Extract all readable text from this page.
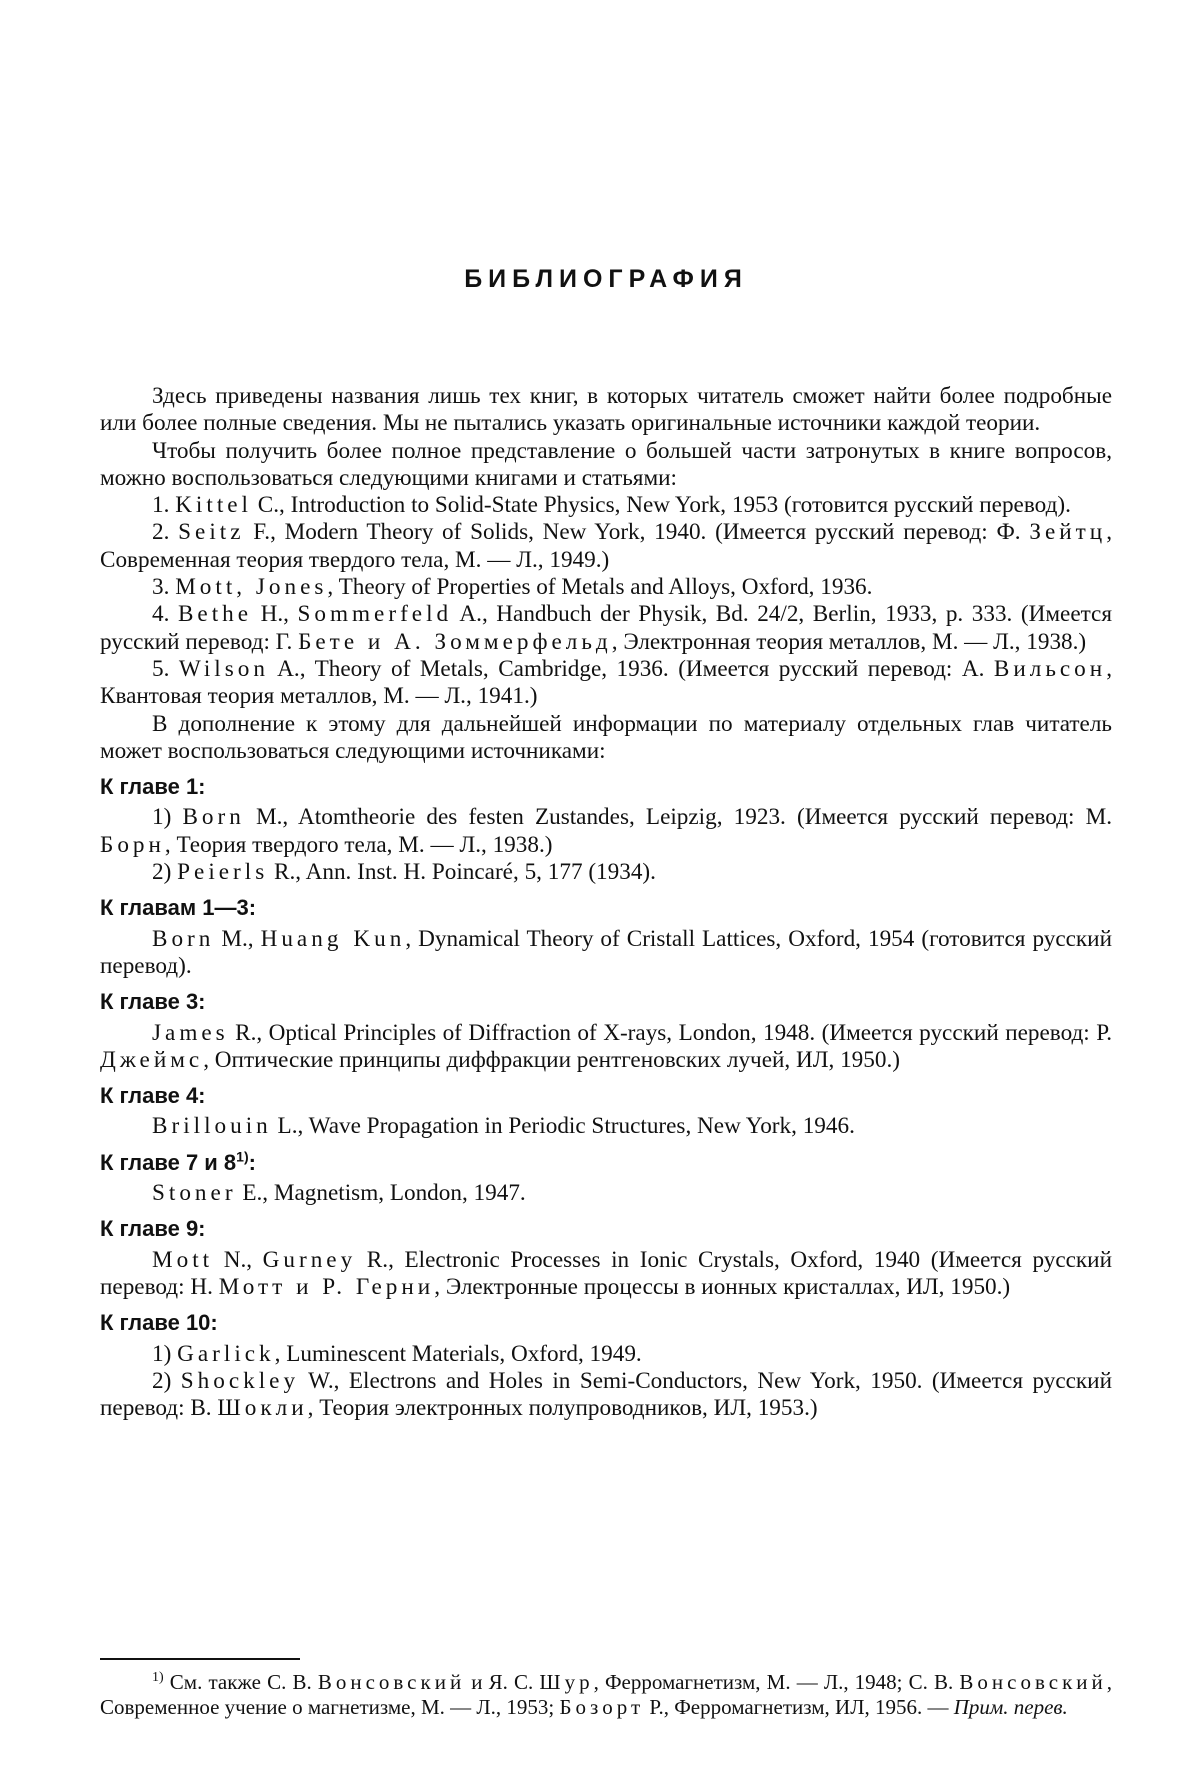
БИБЛИОГРАФИЯ

Здесь приведены названия лишь тех книг, в которых читатель сможет найти более подробные или более полные сведения. Мы не пытались указать оригинальные источники каждой теории.

Чтобы получить более полное представление о большей части затронутых в книге вопросов, можно воспользоваться следующими книгами и статьями:

1. Kittel C., Introduction to Solid-State Physics, New York, 1953 (готовится русский перевод).

2. Seitz F., Modern Theory of Solids, New York, 1940. (Имеется русский перевод: Ф. Зейтц, Современная теория твердого тела, М. — Л., 1949.)

3. Mott, Jones, Theory of Properties of Metals and Alloys, Oxford, 1936.

4. Bethe H., Sommerfeld A., Handbuch der Physik, Bd. 24/2, Berlin, 1933, p. 333. (Имеется русский перевод: Г. Бете и А. Зоммерфельд, Электронная теория металлов, М. — Л., 1938.)

5. Wilson A., Theory of Metals, Cambridge, 1936. (Имеется русский перевод: А. Вильсон, Квантовая теория металлов, М. — Л., 1941.)

В дополнение к этому для дальнейшей информации по материалу отдельных глав читатель может воспользоваться следующими источниками:

К главе 1:

1) Born M., Atomtheorie des festen Zustandes, Leipzig, 1923. (Имеется русский перевод: М. Борн, Теория твердого тела, М. — Л., 1938.)

2) Peierls R., Ann. Inst. H. Poincaré, 5, 177 (1934).

К главам 1—3:

Born M., Huang Kun, Dynamical Theory of Cristall Lattices, Oxford, 1954 (готовится русский перевод).

К главе 3:

James R., Optical Principles of Diffraction of X-rays, London, 1948. (Имеется русский перевод: Р. Джеймс, Оптические принципы диффракции рентгеновских лучей, ИЛ, 1950.)

К главе 4:

Brillouin L., Wave Propagation in Periodic Structures, New York, 1946.

К главе 7 и 8$^{1)}$:

Stoner E., Magnetism, London, 1947.

К главе 9:

Mott N., Gurney R., Electronic Processes in Ionic Crystals, Oxford, 1940 (Имеется русский перевод: Н. Мотт и Р. Герни, Электронные процессы в ионных кристаллах, ИЛ, 1950.)

К главе 10:

1) Garlick, Luminescent Materials, Oxford, 1949.

2) Shockley W., Electrons and Holes in Semi-Conductors, New York, 1950. (Имеется русский перевод: В. Шокли, Теория электронных полупроводников, ИЛ, 1953.)

$^{1)}$ См. также С. В. Вонсовский и Я. С. Шур, Ферромагнетизм, М. — Л., 1948; С. В. Вонсовский, Современное учение о магнетизме, М. — Л., 1953; Бозорт Р., Ферромагнетизм, ИЛ, 1956. — Прим. перев.
